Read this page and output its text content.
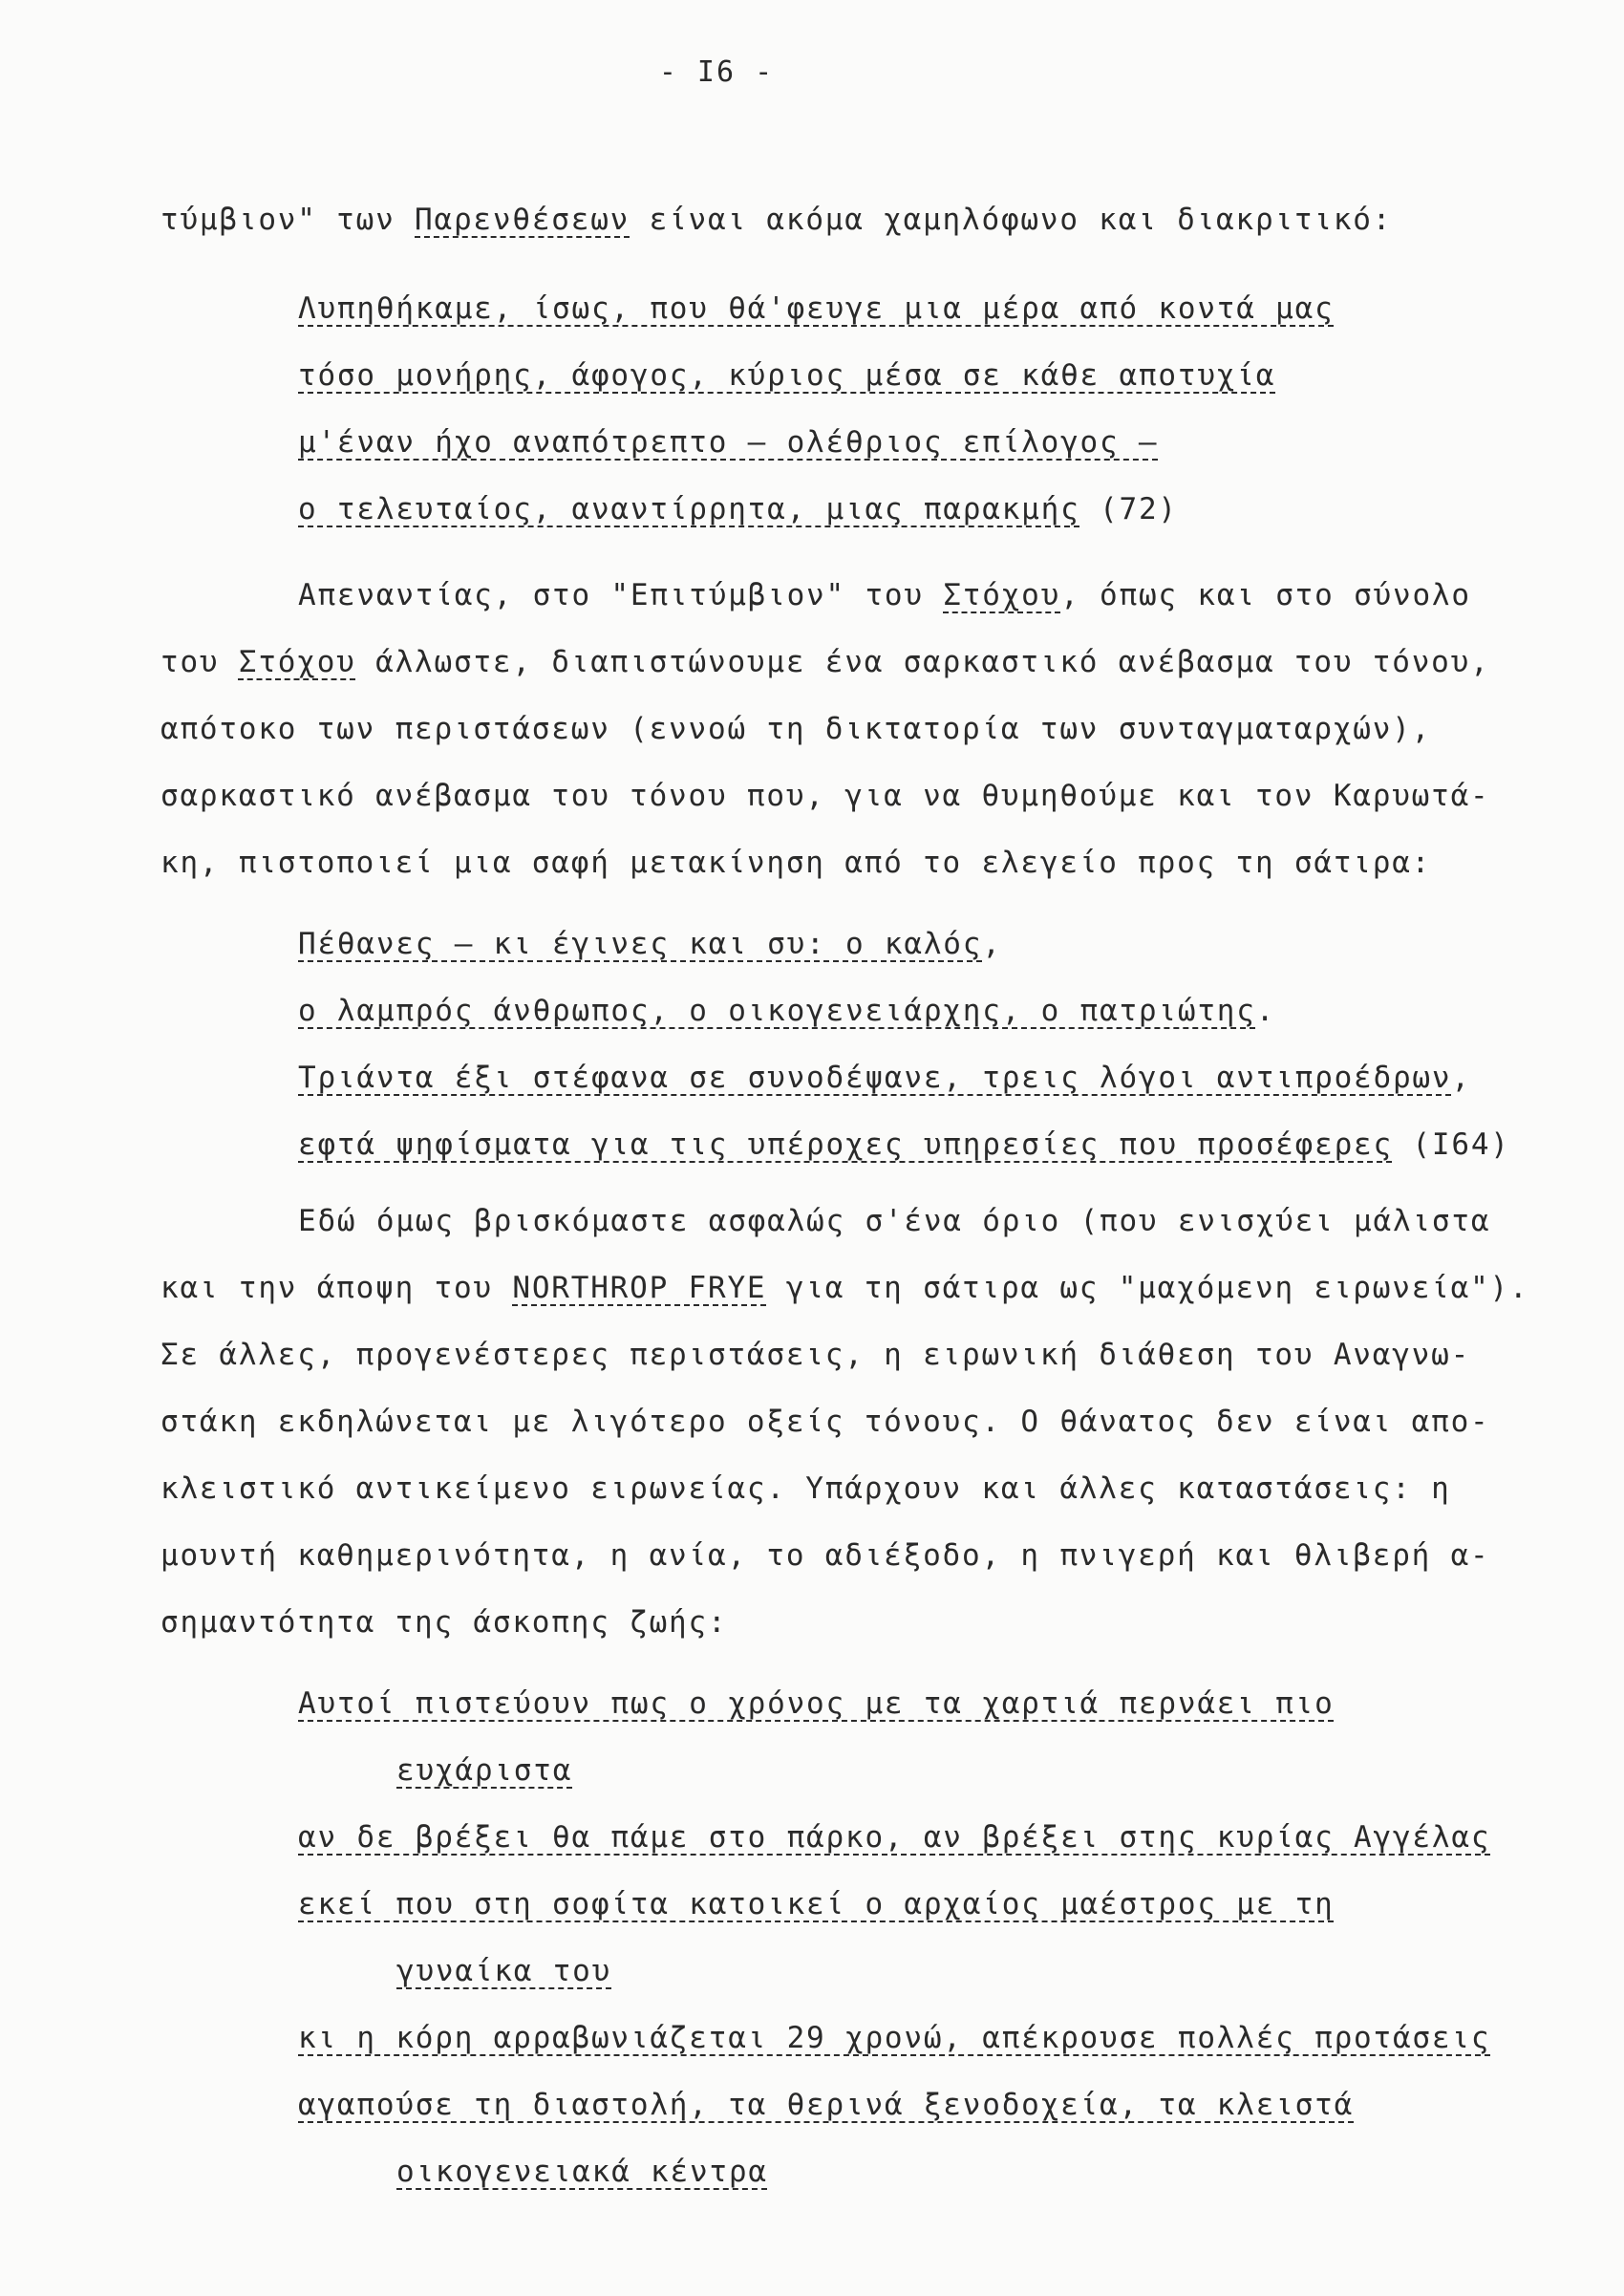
- I6 -
τύμβιον" των Παρενθέσεων είναι ακόμα χαμηλόφωνο και διακριτικό:
Λυπηθήκαμε, ίσως, που θά'φευγε μια μέρα από κοντά μας
τόσο μονήρης, άφογος, κύριος μέσα σε κάθε αποτυχία
μ'έναν ήχο αναπότρεπτο — ολέθριος επίλογος —
ο τελευταίος, αναντίρρητα, μιας παρακμής (72)
Απεναντίας, στο "Επιτύμβιον" του Στόχου, όπως και στο σύνολο
του Στόχου άλλωστε, διαπιστώνουμε ένα σαρκαστικό ανέβασμα του τόνου,
απότοκο των περιστάσεων (εννοώ τη δικτατορία των συνταγματαρχών),
σαρκαστικό ανέβασμα του τόνου που, για να θυμηθούμε και τον Καρυωτά-
κη, πιστοποιεί μια σαφή μετακίνηση από το ελεγείο προς τη σάτιρα:
Πέθανες — κι έγινες και συ: ο καλός,
ο λαμπρός άνθρωπος, ο οικογενειάρχης, ο πατριώτης.
Τριάντα έξι στέφανα σε συνοδέψανε, τρεις λόγοι αντιπροέδρων,
εφτά ψηφίσματα για τις υπέροχες υπηρεσίες που προσέφερες (I64)
Εδώ όμως βρισκόμαστε ασφαλώς σ'ένα όριο (που ενισχύει μάλιστα
και την άποψη του NORTHROP FRYE για τη σάτιρα ως "μαχόμενη ειρωνεία").
Σε άλλες, προγενέστερες περιστάσεις, η ειρωνική διάθεση του Αναγνω-
στάκη εκδηλώνεται με λιγότερο οξείς τόνους. Ο θάνατος δεν είναι απο-
κλειστικό αντικείμενο ειρωνείας. Υπάρχουν και άλλες καταστάσεις: η
μουντή καθημερινότητα, η ανία, το αδιέξοδο, η πνιγερή και θλιβερή α-
σημαντότητα της άσκοπης ζωής:
Αυτοί πιστεύουν πως ο χρόνος με τα χαρτιά περνάει πιο
ευχάριστα
αν δε βρέξει θα πάμε στο πάρκο, αν βρέξει στης κυρίας Αγγέλας
εκεί που στη σοφίτα κατοικεί ο αρχαίος μαέστρος με τη
γυναίκα του
κι η κόρη αρραβωνιάζεται 29 χρονώ, απέκρουσε πολλές προτάσεις
αγαπούσε τη διαστολή, τα θερινά ξενοδοχεία, τα κλειστά
οικογενειακά κέντρα
